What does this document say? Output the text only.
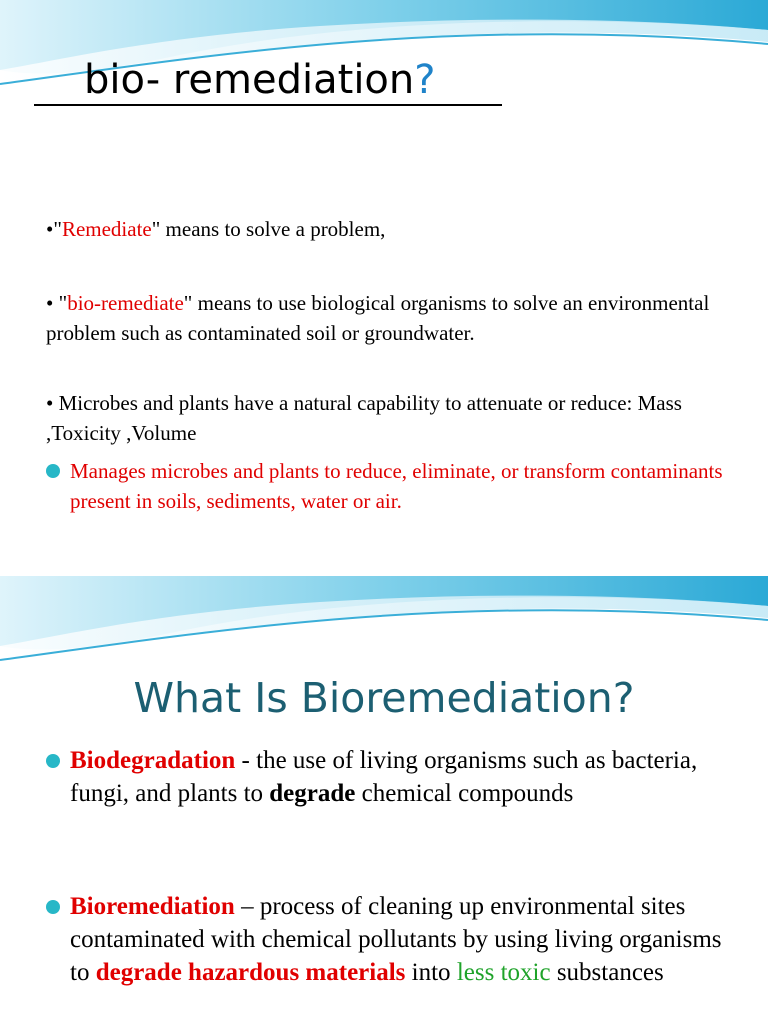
bio- remediation?
•"Remediate" means to solve a problem,
• "bio-remediate" means to use biological organisms to solve an environmental problem such as contaminated soil or groundwater.
• Microbes and plants have a natural capability to attenuate or reduce: Mass ,Toxicity ,Volume
Manages microbes and plants to reduce, eliminate, or transform contaminants present in soils, sediments, water or air.
What Is Bioremediation?
Biodegradation - the use of living organisms such as bacteria, fungi, and plants to degrade chemical compounds
Bioremediation – process of cleaning up environmental sites contaminated with chemical pollutants by using living organisms to degrade hazardous materials into less toxic substances
